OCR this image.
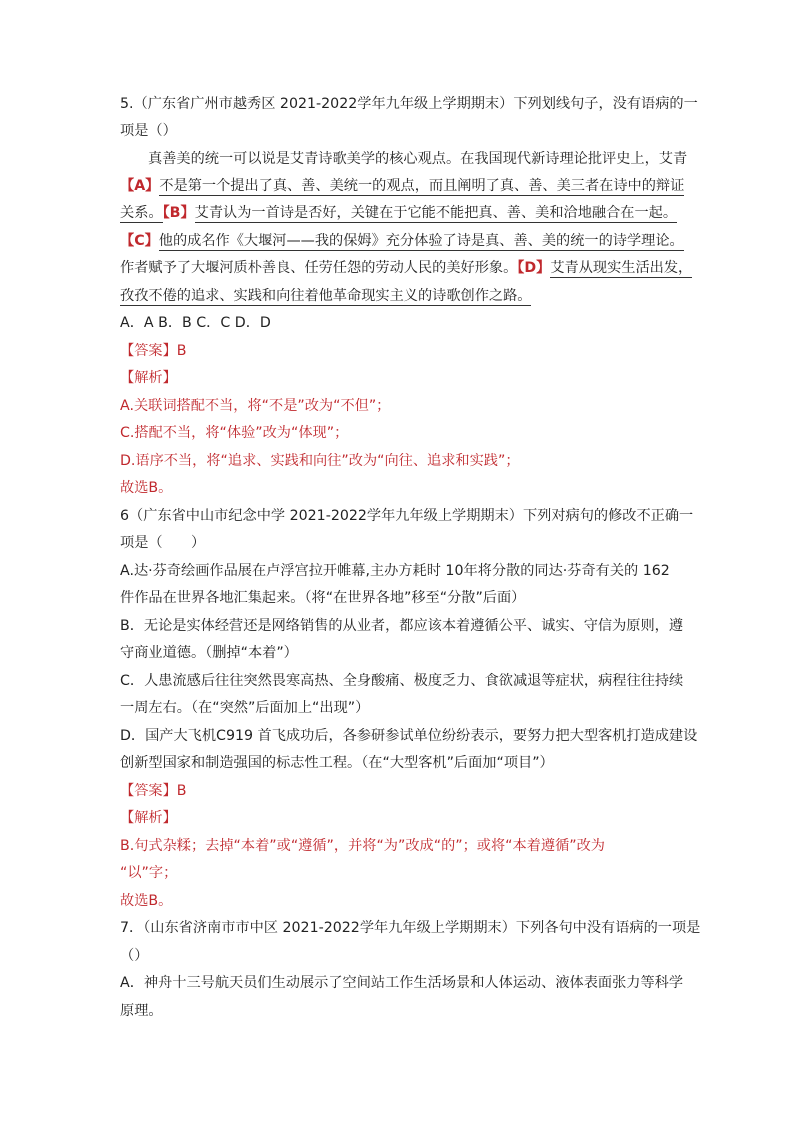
5.（广东省广州市越秀区 2021-2022学年九年级上学期期末）下列划线句子，没有语病的一
项是（）
真善美的统一可以说是艾青诗歌美学的核心观点。在我国现代新诗理论批评史上，艾青
【A】不是第一个提出了真、善、美统一的观点，而且阐明了真、善、美三者在诗中的辩证
关系。【B】艾青认为一首诗是否好，关键在于它能不能把真、善、美和洽地融合在一起。
【C】他的成名作《大堰河——我的保姆》充分体验了诗是真、善、美的统一的诗学理论。
作者赋予了大堰河质朴善良、任劳任怨的劳动人民的美好形象。【D】艾青从现实生活出发，
孜孜不倦的追求、实践和向往着他革命现实主义的诗歌创作之路。
A．A B．B C．C D．D
【答案】B
【解析】
A.关联词搭配不当，将“不是”改为“不但”；
C.搭配不当，将“体验”改为“体现”；
D.语序不当，将“追求、实践和向往”改为“向往、追求和实践”；
故选B。
6（广东省中山市纪念中学 2021-2022学年九年级上学期期末）下列对病句的修改不正确一
项是（　　）
A.达·芬奇绘画作品展在卢浮宫拉开帷幕,主办方耗时 10年将分散的同达·芬奇有关的 162
件作品在世界各地汇集起来。（将“在世界各地”移至“分散”后面）
B．无论是实体经营还是网络销售的从业者，都应该本着遵循公平、诚实、守信为原则，遵
守商业道德。（删掉“本着”）
C．人患流感后往往突然畏寒高热、全身酸痛、极度乏力、食欲减退等症状，病程往往持续
一周左右。（在“突然”后面加上“出现”）
D．国产大飞机C919 首飞成功后，各参研参试单位纷纷表示，要努力把大型客机打造成建设
创新型国家和制造强国的标志性工程。（在“大型客机”后面加“项目”）
【答案】B
【解析】
B.句式杂糅；去掉“本着”或“遵循”，并将“为”改成“的”；或将“本着遵循”改为
“以”字；
故选B。
7．（山东省济南市市中区 2021-2022学年九年级上学期期末）下列各句中没有语病的一项是
（）
A．神舟十三号航天员们生动展示了空间站工作生活场景和人体运动、液体表面张力等科学
原理。
